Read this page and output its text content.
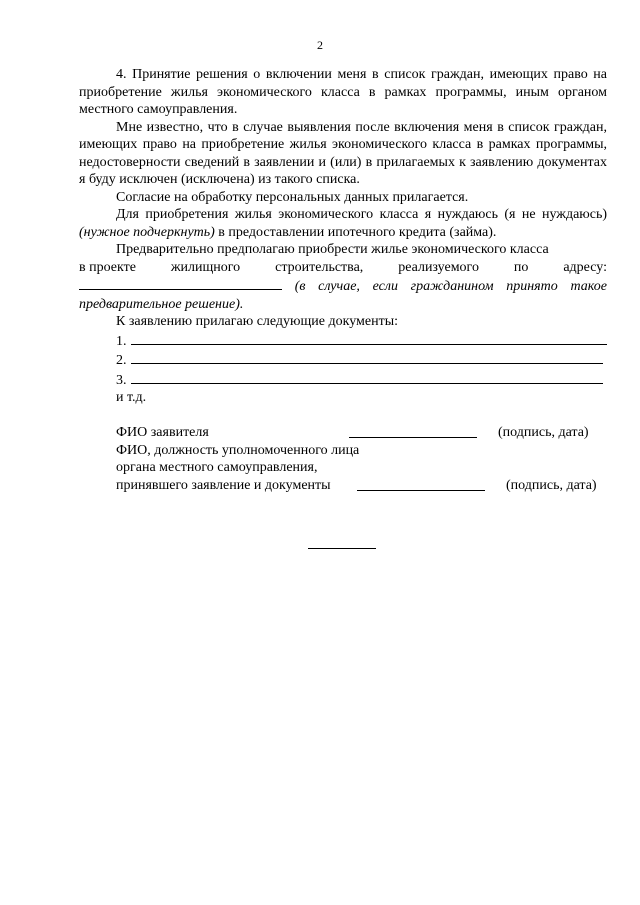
2

4. Принятие решения о включении меня в список граждан, имеющих право на приобретение жилья экономического класса в рамках программы, иным органом местного самоуправления.

Мне известно, что в случае выявления после включения меня в список граждан, имеющих право на приобретение жилья экономического класса в рамках программы, недостоверности сведений в заявлении и (или) в прилагаемых к заявлению документах я буду исключен (исключена) из такого списка.

Согласие на обработку персональных данных прилагается.

Для приобретения жилья экономического класса я нуждаюсь (я не нуждаюсь) (нужное подчеркнуть) в предоставлении ипотечного кредита (займа).

Предварительно предполагаю приобрести жилье экономического класса

в проекте жилищного строительства, реализуемого по адресу:

(в случае, если гражданином принято такое предварительное решение).

К заявлению прилагаю следующие документы:

1.
2.
3.

и т.д.

ФИО заявителя	(подпись, дата)

ФИО, должность уполномоченного лица

органа местного самоуправления,

принявшего заявление и документы	(подпись, дата)
